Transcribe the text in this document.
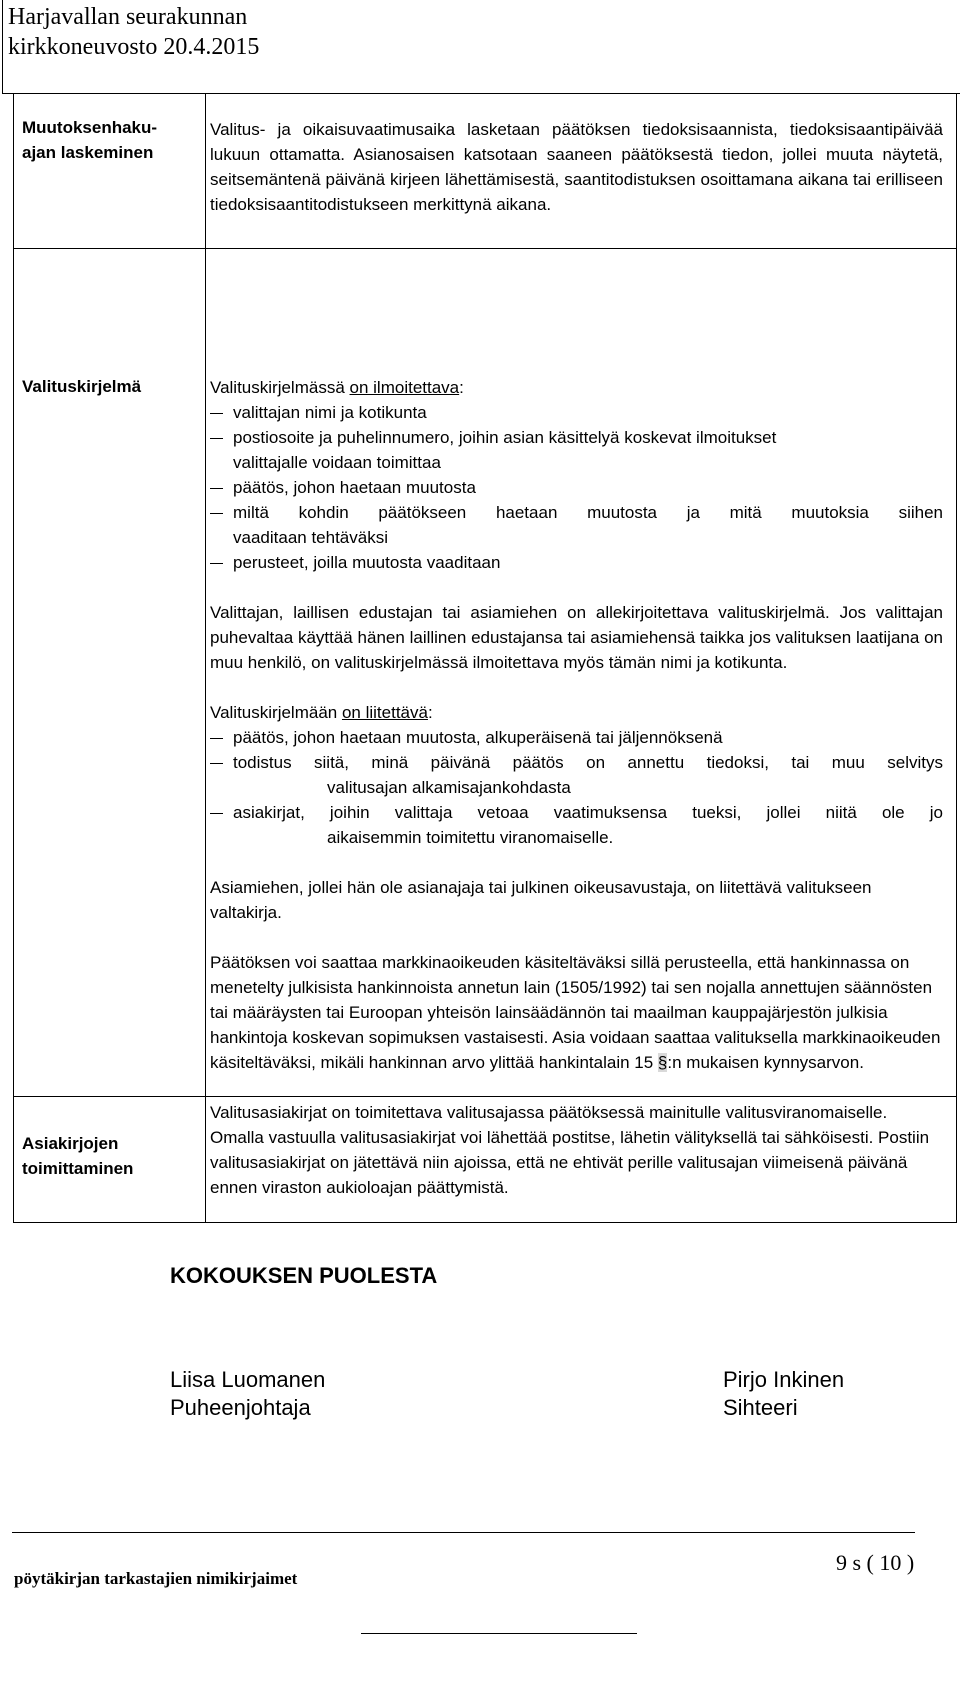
Harjavallan seurakunnan
kirkkoneuvosto 20.4.2015
Muutoksenhaku-
ajan laskeminen

Valitus- ja oikaisuvaatimusaika lasketaan päätöksen tiedoksisaannista, tiedoksisaantipäivää lukuun ottamatta. Asianosaisen katsotaan saaneen päätöksestä tiedon, jollei muuta näytetä, seitsemäntenä päivänä kirjeen lähettämisestä, saantitodistuksen osoittamana aikana tai erilliseen tiedoksisaantitodistukseen merkittynä aikana.

Valituskirjelmä	Valituskirjelmässä on ilmoitettava:

valittajan nimi ja kotikunta

postiosoite ja puhelinnumero, joihin asian käsittelyä koskevat ilmoitukset

valittajalle voidaan toimittaa

päätös, johon haetaan muutosta

miltä kohdin päätökseen haetaan muutosta ja mitä muutoksia siihen

vaaditaan tehtäväksi

perusteet, joilla muutosta vaaditaan

Valittajan, laillisen edustajan tai asiamiehen on allekirjoitettava valituskirjelmä. Jos valittajan puhevaltaa käyttää hänen laillinen edustajansa tai asiamiehensä taikka jos valituksen laatijana on muu henkilö, on valituskirjelmässä ilmoitettava myös tämän nimi ja kotikunta.

Valituskirjelmään on liitettävä:

päätös, johon haetaan muutosta, alkuperäisenä tai jäljennöksenä

todistus siitä, minä päivänä päätös on annettu tiedoksi, tai muu selvitys

valitusajan alkamisajankohdasta

asiakirjat, joihin valittaja vetoaa vaatimuksensa tueksi, jollei niitä ole jo

aikaisemmin toimitettu viranomaiselle.

Asiamiehen, jollei hän ole asianajaja tai julkinen oikeusavustaja, on liitettävä valitukseen valtakirja.

Päätöksen voi saattaa markkinaoikeuden käsiteltäväksi sillä perusteella, että hankinnassa on menetelty julkisista hankinnoista annetun lain (1505/1992) tai sen nojalla annettujen säännösten tai määräysten tai Euroopan yhteisön lainsäädännön tai maailman kauppajärjestön julkisia hankintoja koskevan sopimuksen vastaisesti. Asia voidaan saattaa valituksella markkinaoikeuden käsiteltäväksi, mikäli hankinnan arvo ylittää hankintalain 15 §:n mukaisen kynnysarvon.

Asiakirjojen
toimittaminen

Valitusasiakirjat on toimitettava valitusajassa päätöksessä mainitulle valitusviranomaiselle. Omalla vastuulla valitusasiakirjat voi lähettää postitse, lähetin välityksellä tai sähköisesti. Postiin valitusasiakirjat on jätettävä niin ajoissa, että ne ehtivät perille valitusajan viimeisenä päivänä ennen viraston aukioloajan päättymistä.

KOKOUKSEN PUOLESTA
Liisa Luomanen
Puheenjohtaja
Pirjo Inkinen
Sihteeri
pöytäkirjan tarkastajien nimikirjaimet
9 s ( 10 )
